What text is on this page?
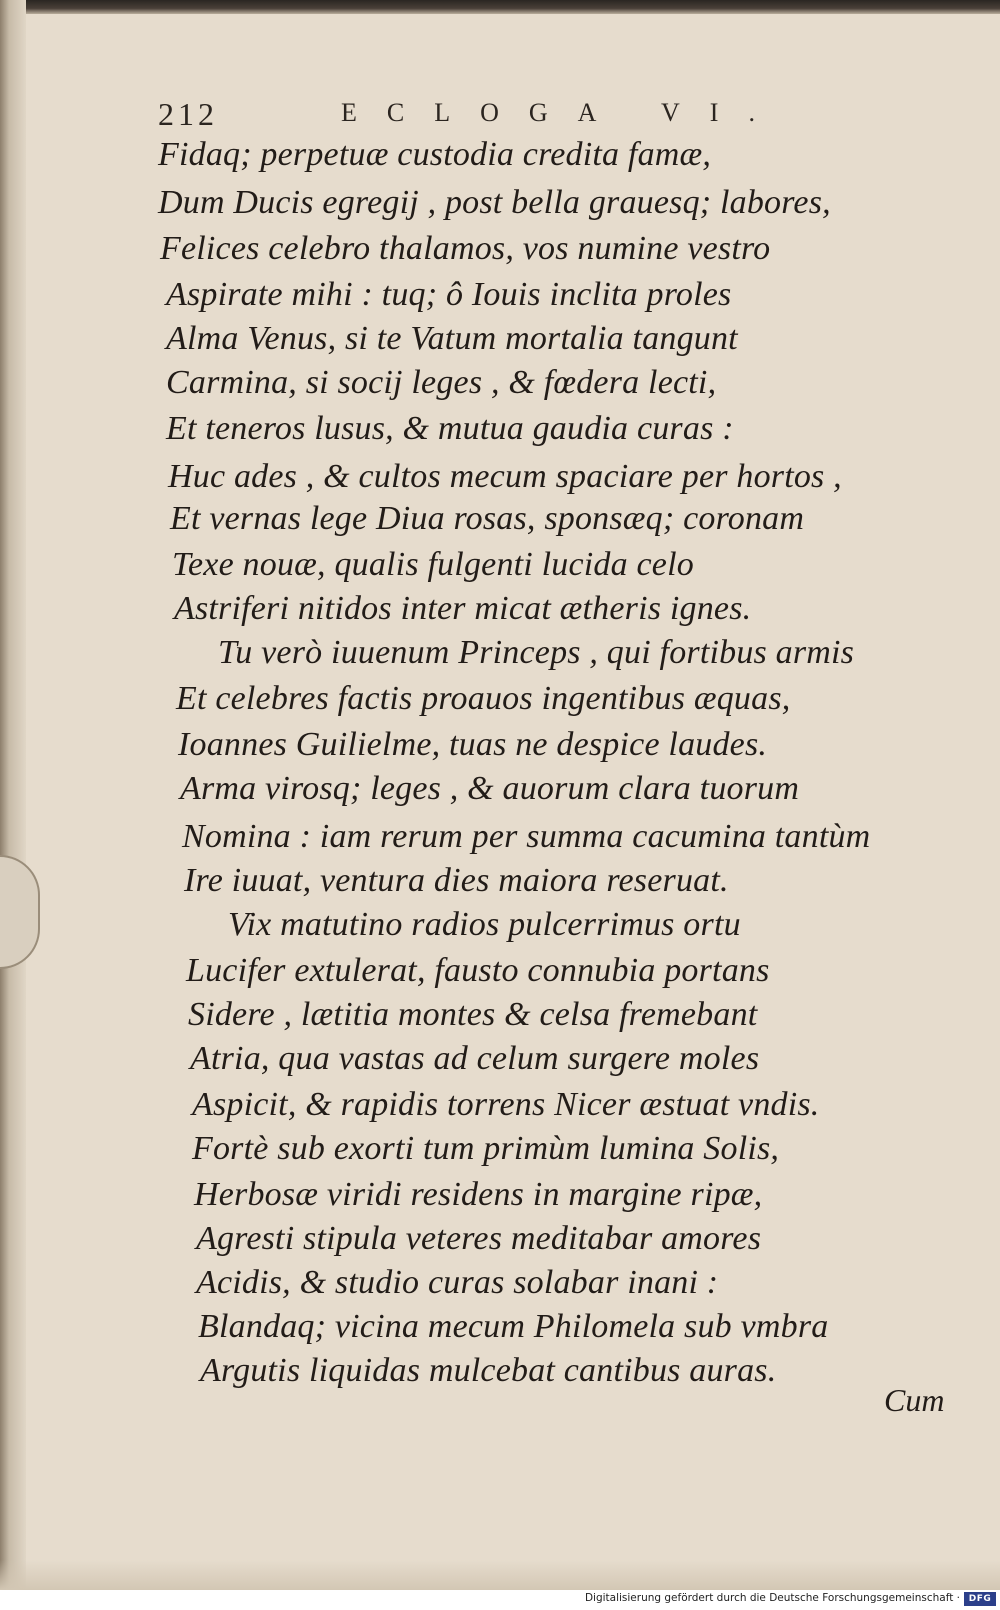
212	ECLOGA VI.
Fidaq; perpetuæ custodia credita famæ,
Dum Ducis egregij , post bella grauesq; labores,
Felices celebro thalamos, vos numine vestro
Aspirate mihi : tuq; ô Iouis inclita proles
Alma Venus, si te Vatum mortalia tangunt
Carmina, si socij leges , & fœdera lecti,
Et teneros lusus, & mutua gaudia curas :
Huc ades , & cultos mecum spaciare per hortos ,
Et vernas lege Diua rosas, sponsæq; coronam
Texe nouæ, qualis fulgenti lucida celo
Astriferi nitidos inter micat ætheris ignes.
Tu verò iuuenum Princeps , qui fortibus armis
Et celebres factis proauos ingentibus æquas,
Ioannes Guilielme, tuas ne despice laudes.
Arma virosq; leges , & auorum clara tuorum
Nomina : iam rerum per summa cacumina tantùm
Ire iuuat, ventura dies maiora reseruat.
Vix matutino radios pulcerrimus ortu
Lucifer extulerat, fausto connubia portans
Sidere , lætitia montes & celsa fremebant
Atria, qua vastas ad celum surgere moles
Aspicit, & rapidis torrens Nicer æstuat vndis.
Fortè sub exorti tum primùm lumina Solis,
Herbosæ viridi residens in margine ripæ,
Agresti stipula veteres meditabar amores
Acidis, & studio curas solabar inani :
Blandaq; vicina mecum Philomela sub vmbra
Argutis liquidas mulcebat cantibus auras.
Cum
Digitalisierung gefördert durch die Deutsche Forschungsgemeinschaft · DFG
